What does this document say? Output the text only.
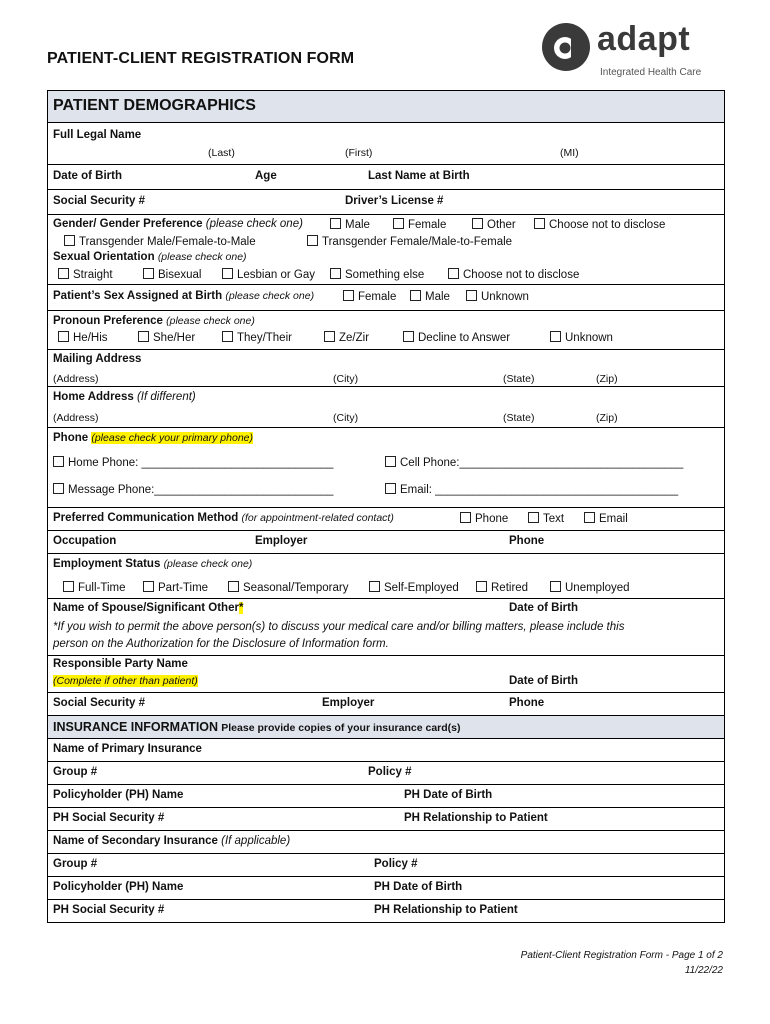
PATIENT-CLIENT REGISTRATION FORM
adapt
Integrated Health Care
PATIENT DEMOGRAPHICS
Full Legal Name
(Last)	(First)	(MI)
Date of Birth	Age	Last Name at Birth
Social Security #	Driver’s License #
Gender/ Gender Preference (please check one)	Male	Female	Other	Choose not to disclose
Transgender Male/Female-to-Male	Transgender Female/Male-to-Female
Sexual Orientation (please check one)
Straight	Bisexual	Lesbian or Gay	Something else	Choose not to disclose
Patient’s Sex Assigned at Birth (please check one)	Female	Male	Unknown
Pronoun Preference (please check one)
He/His	She/Her	They/Their	Ze/Zir	Decline to Answer	Unknown
Mailing Address
(Address)	(City)	(State)	(Zip)
Home Address (If different)
(Address)	(City)	(State)	(Zip)
Phone (please check your primary phone)
Home Phone: ______________________________	Cell Phone:___________________________________
Message Phone:____________________________	Email: ______________________________________
Preferred Communication Method (for appointment-related contact)	Phone	Text	Email
Occupation	Employer	Phone
Employment Status (please check one)
Full-Time	Part-Time	Seasonal/Temporary	Self-Employed	Retired	Unemployed
Name of Spouse/Significant Other*	Date of Birth
*If you wish to permit the above person(s) to discuss your medical care and/or billing matters, please include this
person on the Authorization for the Disclosure of Information form.
Responsible Party Name
(Complete if other than patient)	Date of Birth
Social Security #	Employer	Phone
INSURANCE INFORMATION Please provide copies of your insurance card(s)
Name of Primary Insurance
Group #	Policy #
Policyholder (PH) Name	PH Date of Birth
PH Social Security #	PH Relationship to Patient
Name of Secondary Insurance (If applicable)
Group #	Policy #
Policyholder (PH) Name	PH Date of Birth
PH Social Security #	PH Relationship to Patient
Patient-Client Registration Form - Page 1 of 2
11/22/22
